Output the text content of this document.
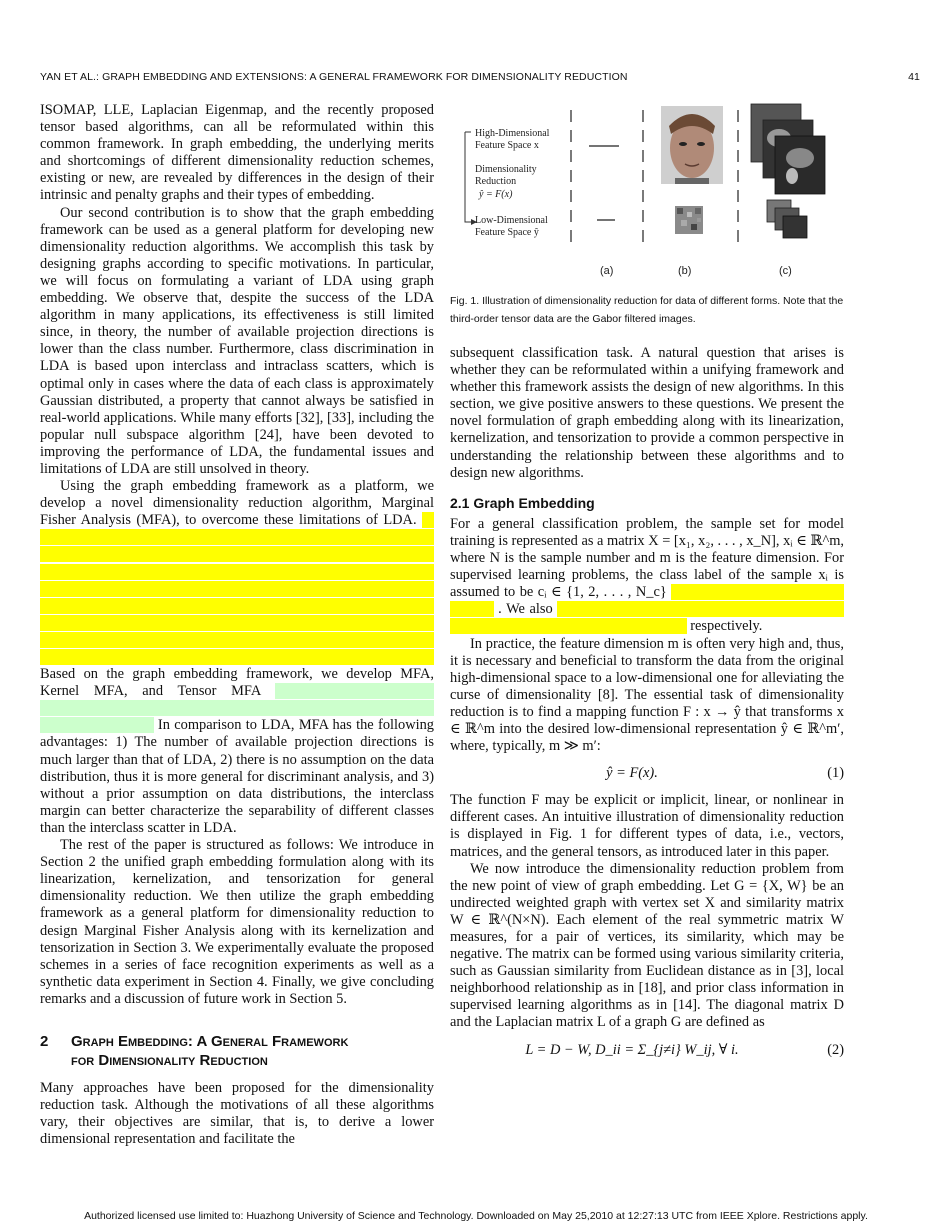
YAN ET AL.: GRAPH EMBEDDING AND EXTENSIONS: A GENERAL FRAMEWORK FOR DIMENSIONALITY REDUCTION	41

ISOMAP, LLE, Laplacian Eigenmap, and the recently proposed tensor based algorithms, can all be reformulated within this common framework. In graph embedding, the underlying merits and shortcomings of different dimensionality reduction schemes, existing or new, are revealed by differences in the design of their intrinsic and penalty graphs and their types of embedding.

Our second contribution is to show that the graph embedding framework can be used as a general platform for developing new dimensionality reduction algorithms. We accomplish this task by designing graphs according to specific motivations. In particular, we will focus on formulating a variant of LDA using graph embedding. We observe that, despite the success of the LDA algorithm in many applications, its effectiveness is still limited since, in theory, the number of available projection directions is lower than the class number. Furthermore, class discrimination in LDA is based upon interclass and intraclass scatters, which is optimal only in cases where the data of each class is approximately Gaussian distributed, a property that cannot always be satisfied in real-world applications. While many efforts [32], [33], including the popular null subspace algorithm [24], have been devoted to improving the performance of LDA, the fundamental issues and limitations of LDA are still unsolved in theory.

Using the graph embedding framework as a platform, we develop a novel dimensionality reduction algorithm, Marginal Fisher Analysis (MFA), to overcome these limitations of LDA. Based on the graph embedding framework, we develop MFA, Kernel MFA, and Tensor MFA In comparison to LDA, MFA has the following advantages: 1) The number of available projection directions is much larger than that of LDA, 2) there is no assumption on the data distribution, thus it is more general for discriminant analysis, and 3) without a prior assumption on data distributions, the interclass margin can better characterize the separability of different classes than the interclass scatter in LDA.

The rest of the paper is structured as follows: We introduce in Section 2 the unified graph embedding formulation along with its linearization, kernelization, and tensorization for general dimensionality reduction. We then utilize the graph embedding framework as a general platform for dimensionality reduction to design Marginal Fisher Analysis along with its kernelization and tensorization in Section 3. We experimentally evaluate the proposed schemes in a series of face recognition experiments as well as a synthetic data experiment in Section 4. Finally, we give concluding remarks and a discussion of future work in Section 5.

2 Graph Embedding: A General Framework
for Dimensionality Reduction

Many approaches have been proposed for the dimensionality reduction task. Although the motivations of all these algorithms vary, their objectives are similar, that is, to derive a lower dimensional representation and facilitate the

High-Dimensional
Feature Space x
Dimensionality
Reduction
ŷ = F(x)
Low-Dimensional
Feature Space ŷ
(a)	(b)	(c)
Fig. 1. Illustration of dimensionality reduction for data of different forms. Note that the third-order tensor data are the Gabor filtered images.

subsequent classification task. A natural question that arises is whether they can be reformulated within a unifying framework and whether this framework assists the design of new algorithms. In this section, we give positive answers to these questions. We present the novel formulation of graph embedding along with its linearization, kernelization, and tensorization to provide a common perspective in understanding the relationship between these algorithms and to design new algorithms.

2.1 Graph Embedding

For a general classification problem, the sample set for model training is represented as a matrix X = [x₁, x₂, . . . , x_N], xᵢ ∈ ℝ^m, where N is the sample number and m is the feature dimension. For supervised learning problems, the class label of the sample xᵢ is assumed to be cᵢ ∈ {1, 2, . . . , N_c} . We also respectively.

In practice, the feature dimension m is often very high and, thus, it is necessary and beneficial to transform the data from the original high-dimensional space to a low-dimensional one for alleviating the curse of dimensionality [8]. The essential task of dimensionality reduction is to find a mapping function F : x → ŷ that transforms x ∈ ℝ^m into the desired low-dimensional representation ŷ ∈ ℝ^m′, where, typically, m ≫ m′:

ŷ = F(x).	(1)

The function F may be explicit or implicit, linear, or nonlinear in different cases. An intuitive illustration of dimensionality reduction is displayed in Fig. 1 for different types of data, i.e., vectors, matrices, and the general tensors, as introduced later in this paper.

We now introduce the dimensionality reduction problem from the new point of view of graph embedding. Let G = {X, W} be an undirected weighted graph with vertex set X and similarity matrix W ∈ ℝ^(N×N). Each element of the real symmetric matrix W measures, for a pair of vertices, its similarity, which may be negative. The matrix can be formed using various similarity criteria, such as Gaussian similarity from Euclidean distance as in [3], local neighborhood relationship as in [18], and prior class information in supervised learning algorithms as in [14]. The diagonal matrix D and the Laplacian matrix L of a graph G are defined as

L = D − W, D_ii = Σ_{j≠i} W_ij, ∀ i.	(2)
Authorized licensed use limited to: Huazhong University of Science and Technology. Downloaded on May 25,2010 at 12:27:13 UTC from IEEE Xplore. Restrictions apply.
